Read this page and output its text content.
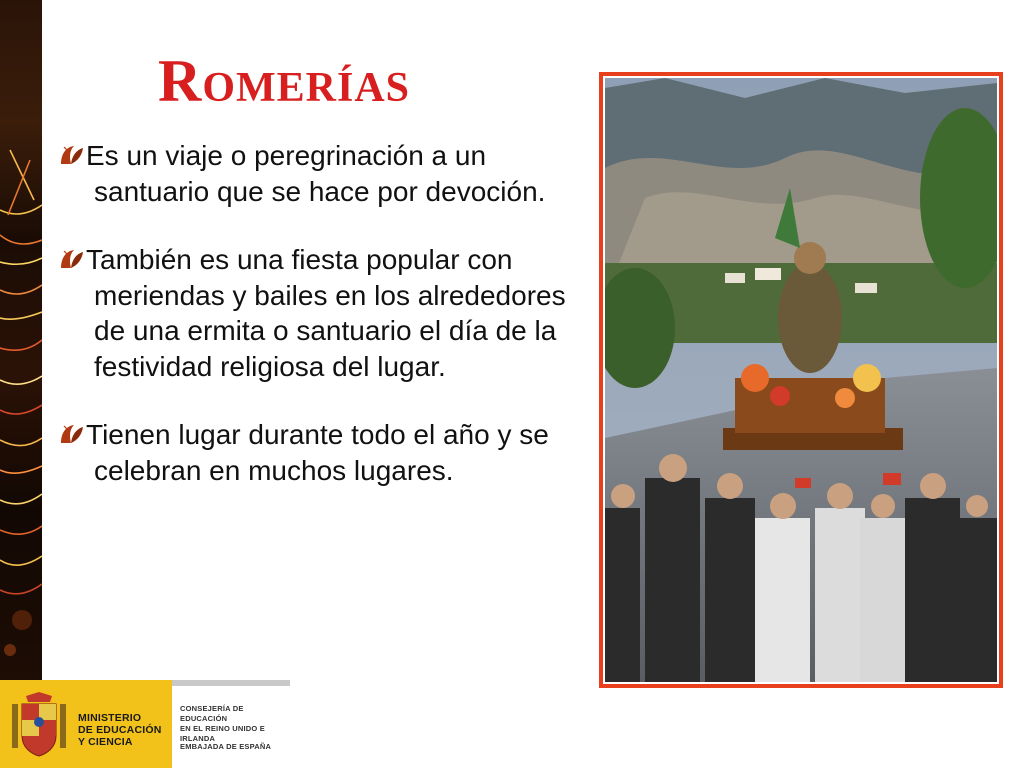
Romerías
Es un viaje o peregrinación a un santuario que se hace por devoción.
También es una fiesta popular con meriendas y bailes en los alrededores de una ermita o santuario el día de la festividad religiosa del lugar.
Tienen lugar durante todo el año y se celebran en muchos lugares.
MINISTERIO
DE EDUCACIÓN
Y CIENCIA
CONSEJERÍA DE EDUCACIÓN
EN EL REINO UNIDO E IRLANDA
EMBAJADA DE ESPAÑA
